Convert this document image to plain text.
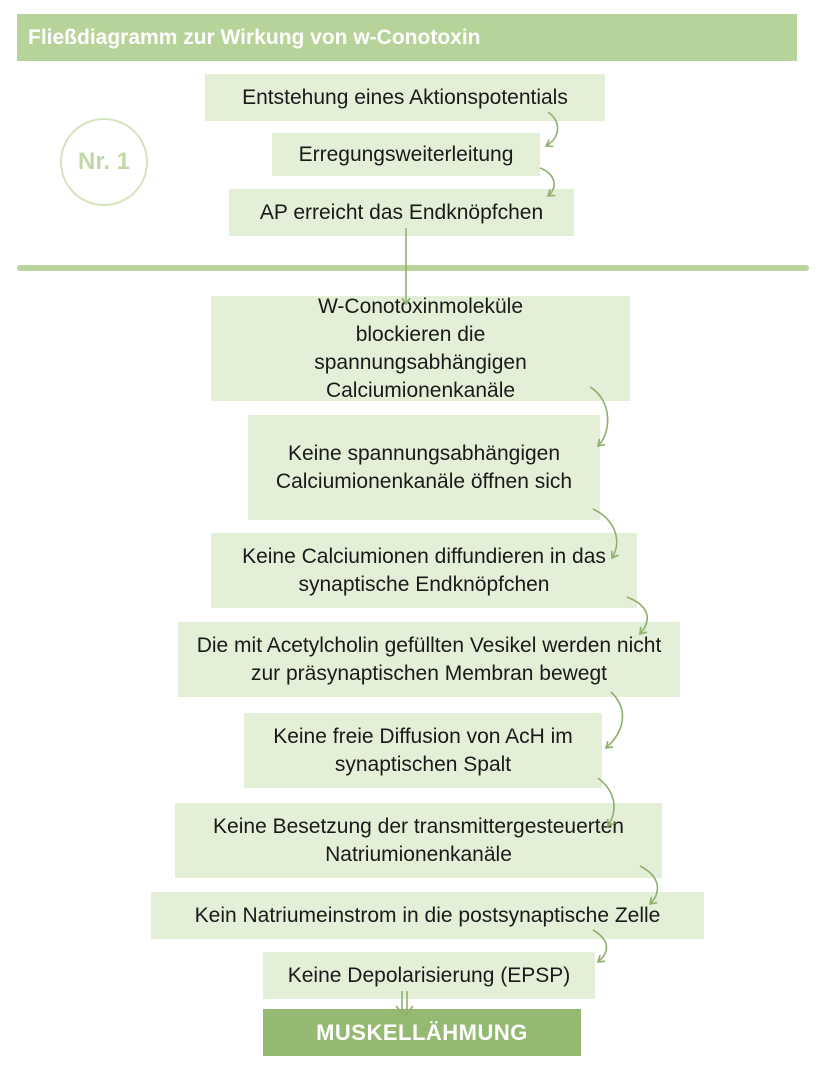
Fließdiagramm zur Wirkung von w-Conotoxin
Nr. 1
Entstehung eines Aktionspotentials
Erregungsweiterleitung
AP erreicht das Endknöpfchen
W-Conotoxinmoleküle blockieren die spannungsabhängigen Calciumionenkanäle
Keine spannungsabhängigen Calciumionenkanäle öffnen sich
Keine Calciumionen diffundieren in das synaptische Endknöpfchen
Die mit Acetylcholin gefüllten Vesikel werden nicht zur präsynaptischen Membran bewegt
Keine freie Diffusion von AcH im synaptischen Spalt
Keine Besetzung der transmittergesteuerten Natriumionenkanäle
Kein Natriumeinstrom in die postsynaptische Zelle
Keine Depolarisierung (EPSP)
MUSKELLÄHMUNG
